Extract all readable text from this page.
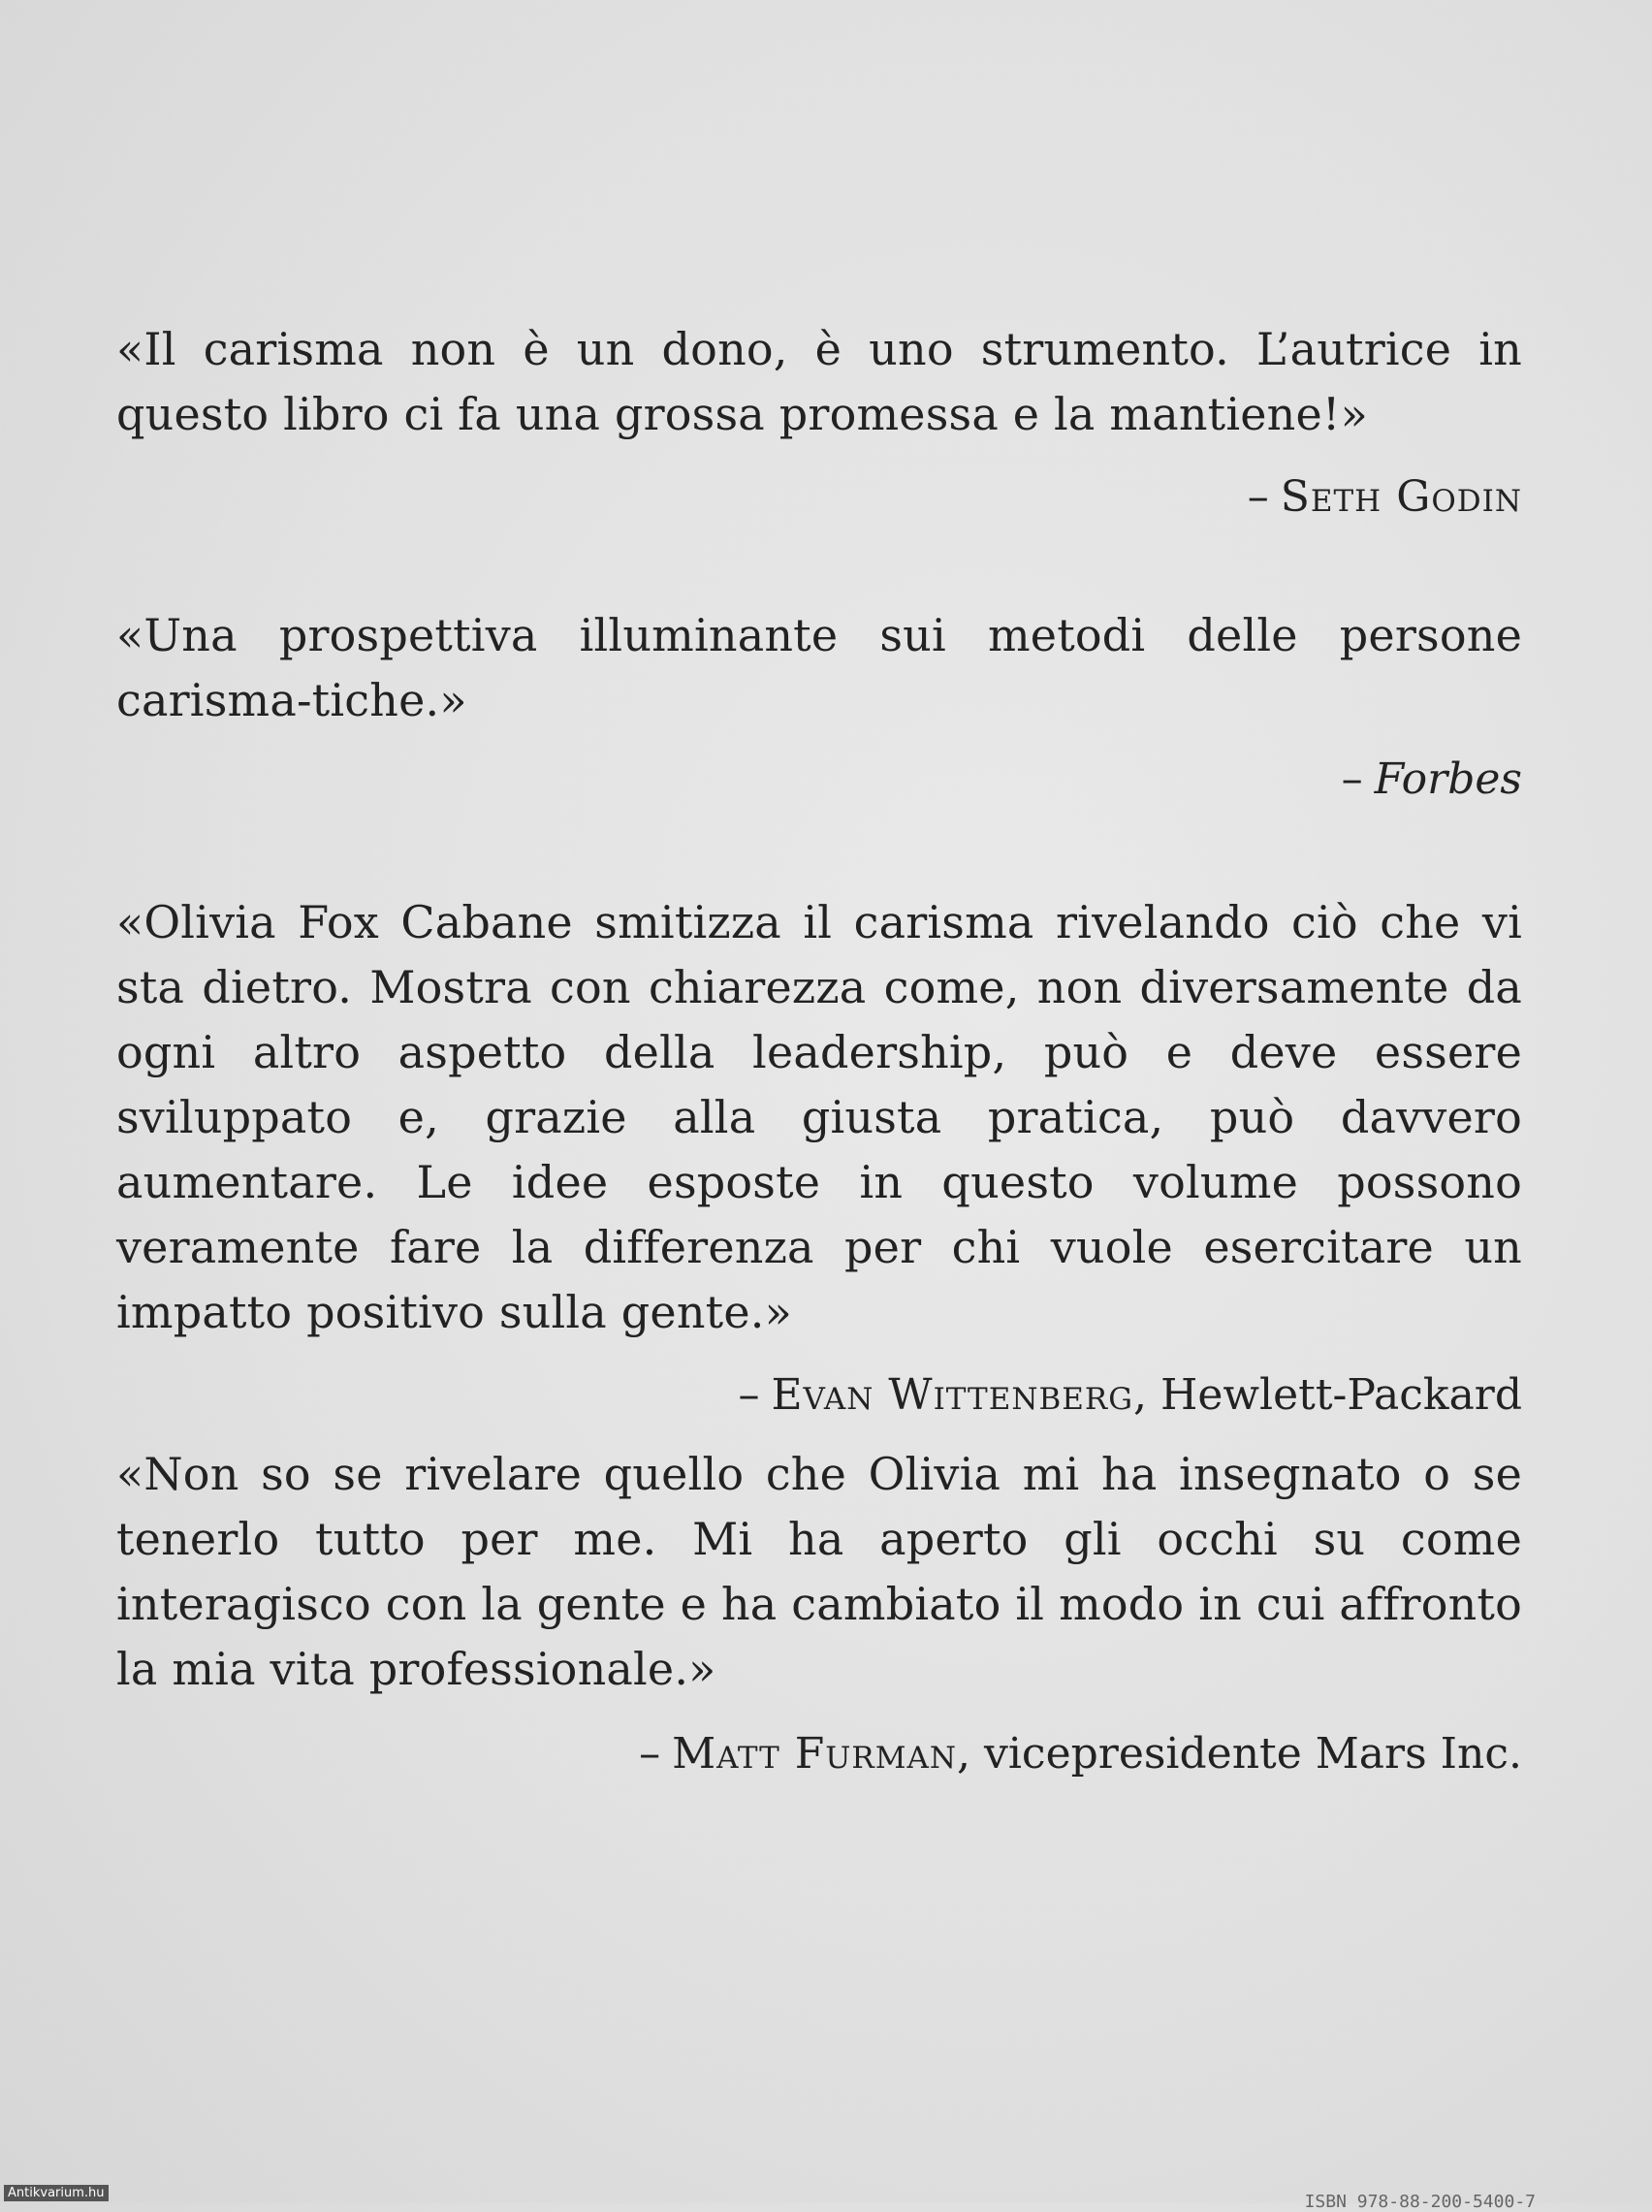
«Il carisma non è un dono, è uno strumento. L’autrice in questo libro ci fa una grossa promessa e la mantiene!»

– Seth Godin

«Una prospettiva illuminante sui metodi delle persone carisma-tiche.»

– Forbes

«Olivia Fox Cabane smitizza il carisma rivelando ciò che vi sta dietro. Mostra con chiarezza come, non diversamente da ogni altro aspetto della leadership, può e deve essere sviluppato e, grazie alla giusta pratica, può davvero aumentare. Le idee esposte in questo volume possono veramente fare la differenza per chi vuole esercitare un impatto positivo sulla gente.»

– Evan Wittenberg, Hewlett-Packard

«Non so se rivelare quello che Olivia mi ha insegnato o se tenerlo tutto per me. Mi ha aperto gli occhi su come interagisco con la gente e ha cambiato il modo in cui affronto la mia vita professionale.»

– Matt Furman, vicepresidente Mars Inc.

ISBN 978-88-200-5400-7
Antikvarium.hu
